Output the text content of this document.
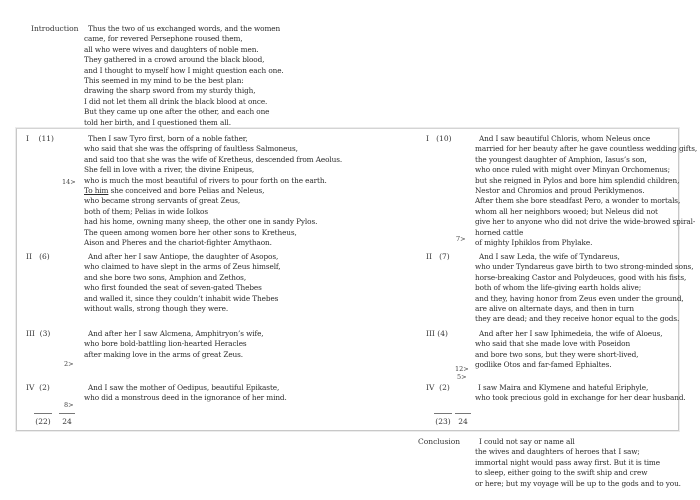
Introduction	Thus the two of us exchanged words, and the women
came, for revered Persephone roused them,
all who were wives and daughters of noble men.
They gathered in a crowd around the black blood,
and I thought to myself how I might question each one.
This seemed in my mind to be the best plan:
drawing the sharp sword from my sturdy thigh,
I did not let them all drink the black blood at once.
But they came up one after the other, and each one
told her birth, and I questioned them all.
I (11)	Then I saw Tyro first, born of a noble father,
who said that she was the offspring of faultless Salmoneus,
and said too that she was the wife of Kretheus, descended from Aeolus.
She fell in love with a river, the divine Enipeus,
who is much the most beautiful of rivers to pour forth on the earth.
To him she conceived and bore Pelias and Neleus,
who became strong servants of great Zeus,
both of them; Pelias in wide Iolkos
had his home, owning many sheep, the other one in sandy Pylos.
The queen among women bore her other sons to Kretheus,
Aison and Pheres and the chariot-fighter Amythaon.
14>
II (6)	And after her I saw Antiope, the daughter of Asopos,
who claimed to have slept in the arms of Zeus himself,
and she bore two sons, Amphion and Zethos,
who first founded the seat of seven-gated Thebes
and walled it, since they couldn’t inhabit wide Thebes
without walls, strong though they were.
III (3)	And after her I saw Alcmena, Amphitryon’s wife,
who bore bold-battling lion-hearted Heracles
after making love in the arms of great Zeus.
2>
IV (2)	And I saw the mother of Oedipus, beautiful Epikaste,
who did a monstrous deed in the ignorance of her mind.
8>
(22)	24
I (10)	And I saw beautiful Chloris, whom Neleus once
married for her beauty after he gave countless wedding gifts,
the youngest daughter of Amphion, Iasus’s son,
who once ruled with might over Minyan Orchomenus;
but she reigned in Pylos and bore him splendid children,
Nestor and Chromios and proud Periklymenos.
After them she bore steadfast Pero, a wonder to mortals,
whom all her neighbors wooed; but Neleus did not
give her to anyone who did not drive the wide-browed spiral-
horned cattle
of mighty Iphiklos from Phylake.
7>
II (7)	And I saw Leda, the wife of Tyndareus,
who under Tyndareus gave birth to two strong-minded sons,
horse-breaking Castor and Polydeuces, good with his fists,
both of whom the life-giving earth holds alive;
and they, having honor from Zeus even under the ground,
are alive on alternate days, and then in turn
they are dead; and they receive honor equal to the gods.
III (4)	And after her I saw Iphimedeia, the wife of Aloeus,
who said that she made love with Poseidon
and bore two sons, but they were short-lived,
godlike Otos and far-famed Ephialtes.
12>
5>
IV (2)	I saw Maira and Klymene and hateful Eriphyle,
who took precious gold in exchange for her dear husband.
(23)	24
Conclusion	I could not say or name all
the wives and daughters of heroes that I saw;
immortal night would pass away first. But it is time
to sleep, either going to the swift ship and crew
or here; but my voyage will be up to the gods and to you.
